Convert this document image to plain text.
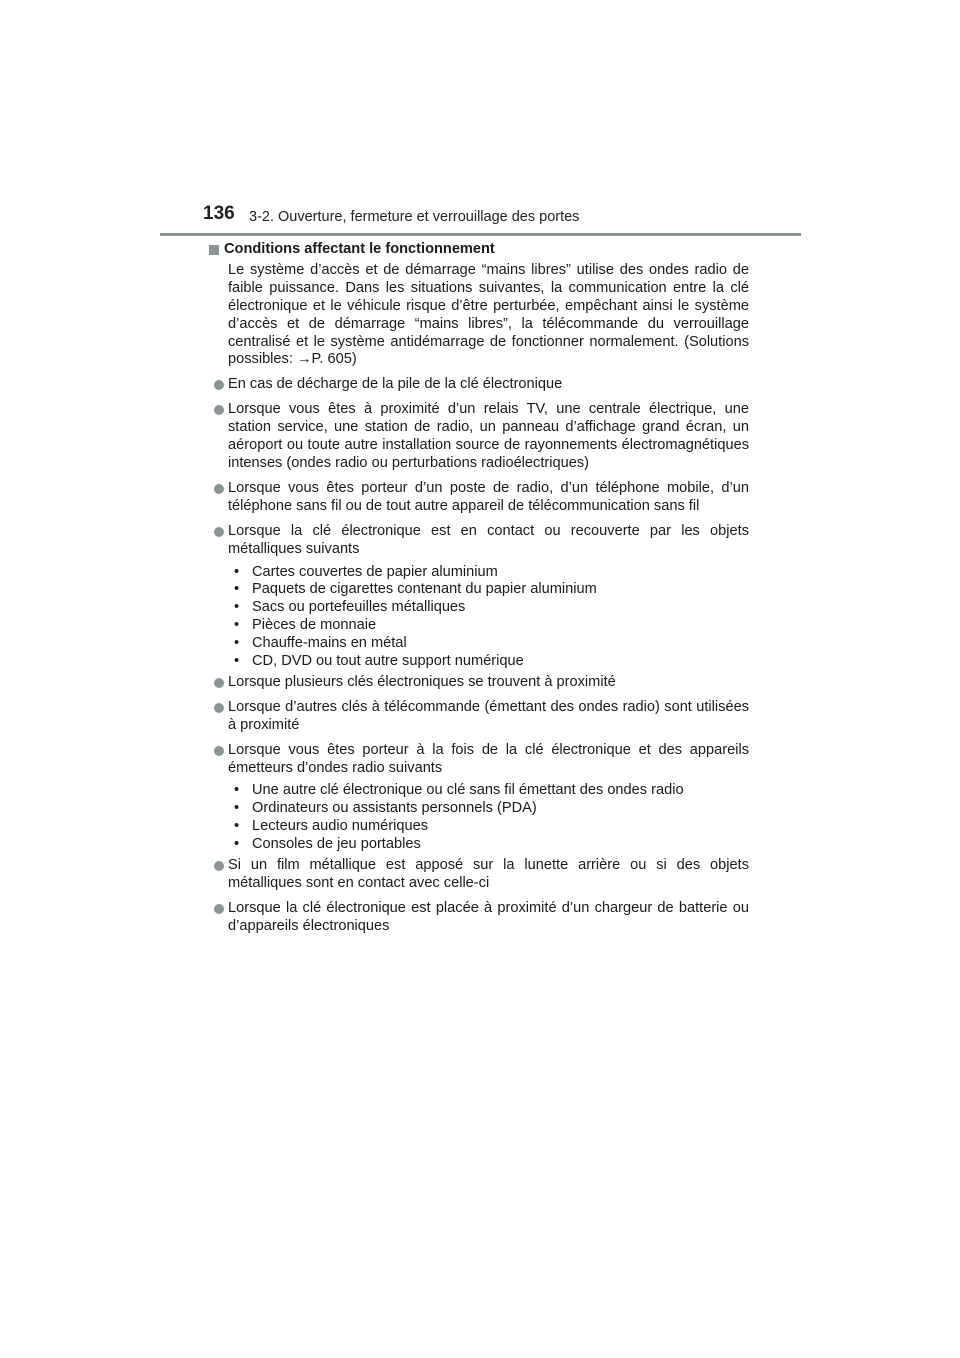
136 3-2. Ouverture, fermeture et verrouillage des portes

Conditions affectant le fonctionnement

Le système d’accès et de démarrage “mains libres” utilise des ondes radio de faible puissance. Dans les situations suivantes, la communication entre la clé électronique et le véhicule risque d’être perturbée, empêchant ainsi le système d’accès et de démarrage “mains libres”, la télécommande du verrouillage centralisé et le système antidémarrage de fonctionner normalement. (Solutions possibles: →P. 605)

En cas de décharge de la pile de la clé électronique
Lorsque vous êtes à proximité d’un relais TV, une centrale électrique, une station service, une station de radio, un panneau d’affichage grand écran, un aéroport ou toute autre installation source de rayonnements électromagnétiques intenses (ondes radio ou perturbations radioélectriques)
Lorsque vous êtes porteur d’un poste de radio, d’un téléphone mobile, d’un téléphone sans fil ou de tout autre appareil de télécommunication sans fil
Lorsque la clé électronique est en contact ou recouverte par les objets métalliques suivants
• Cartes couvertes de papier aluminium
• Paquets de cigarettes contenant du papier aluminium
• Sacs ou portefeuilles métalliques
• Pièces de monnaie
• Chauffe-mains en métal
• CD, DVD ou tout autre support numérique
Lorsque plusieurs clés électroniques se trouvent à proximité
Lorsque d’autres clés à télécommande (émettant des ondes radio) sont utilisées à proximité
Lorsque vous êtes porteur à la fois de la clé électronique et des appareils émetteurs d’ondes radio suivants
• Une autre clé électronique ou clé sans fil émettant des ondes radio
• Ordinateurs ou assistants personnels (PDA)
• Lecteurs audio numériques
• Consoles de jeu portables
Si un film métallique est apposé sur la lunette arrière ou si des objets métalliques sont en contact avec celle-ci
Lorsque la clé électronique est placée à proximité d’un chargeur de batterie ou d’appareils électroniques
